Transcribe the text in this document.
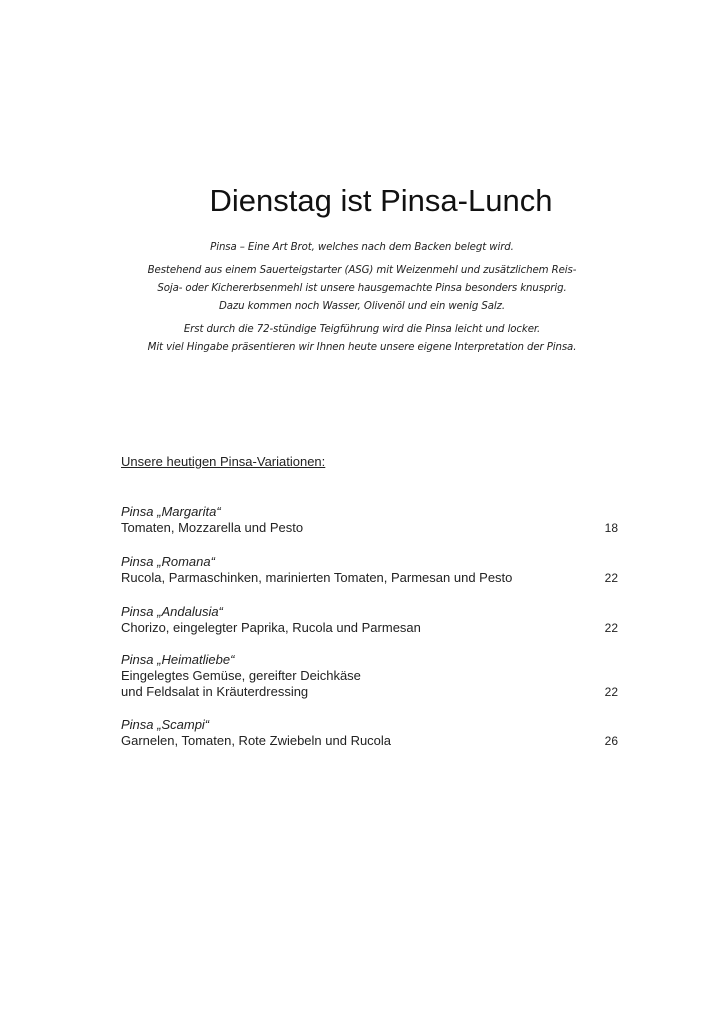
Dienstag ist Pinsa-Lunch

Pinsa – Eine Art Brot, welches nach dem Backen belegt wird.

Bestehend aus einem Sauerteigstarter (ASG) mit Weizenmehl und zusätzlichem Reis-

Soja- oder Kichererbsenmehl ist unsere hausgemachte Pinsa besonders knusprig.

Dazu kommen noch Wasser, Olivenöl und ein wenig Salz.

Erst durch die 72-stündige Teigführung wird die Pinsa leicht und locker.

Mit viel Hingabe präsentieren wir Ihnen heute unsere eigene Interpretation der Pinsa.

Unsere heutigen Pinsa-Variationen:
Pinsa „Margarita“
Tomaten, Mozzarella und Pesto	18
Pinsa „Romana“
Rucola, Parmaschinken, marinierten Tomaten, Parmesan und Pesto	22
Pinsa „Andalusia“
Chorizo, eingelegter Paprika, Rucola und Parmesan	22
Pinsa „Heimatliebe“
Eingelegtes Gemüse, gereifter Deichkäse
und Feldsalat in Kräuterdressing	22
Pinsa „Scampi“
Garnelen, Tomaten, Rote Zwiebeln und Rucola	26
